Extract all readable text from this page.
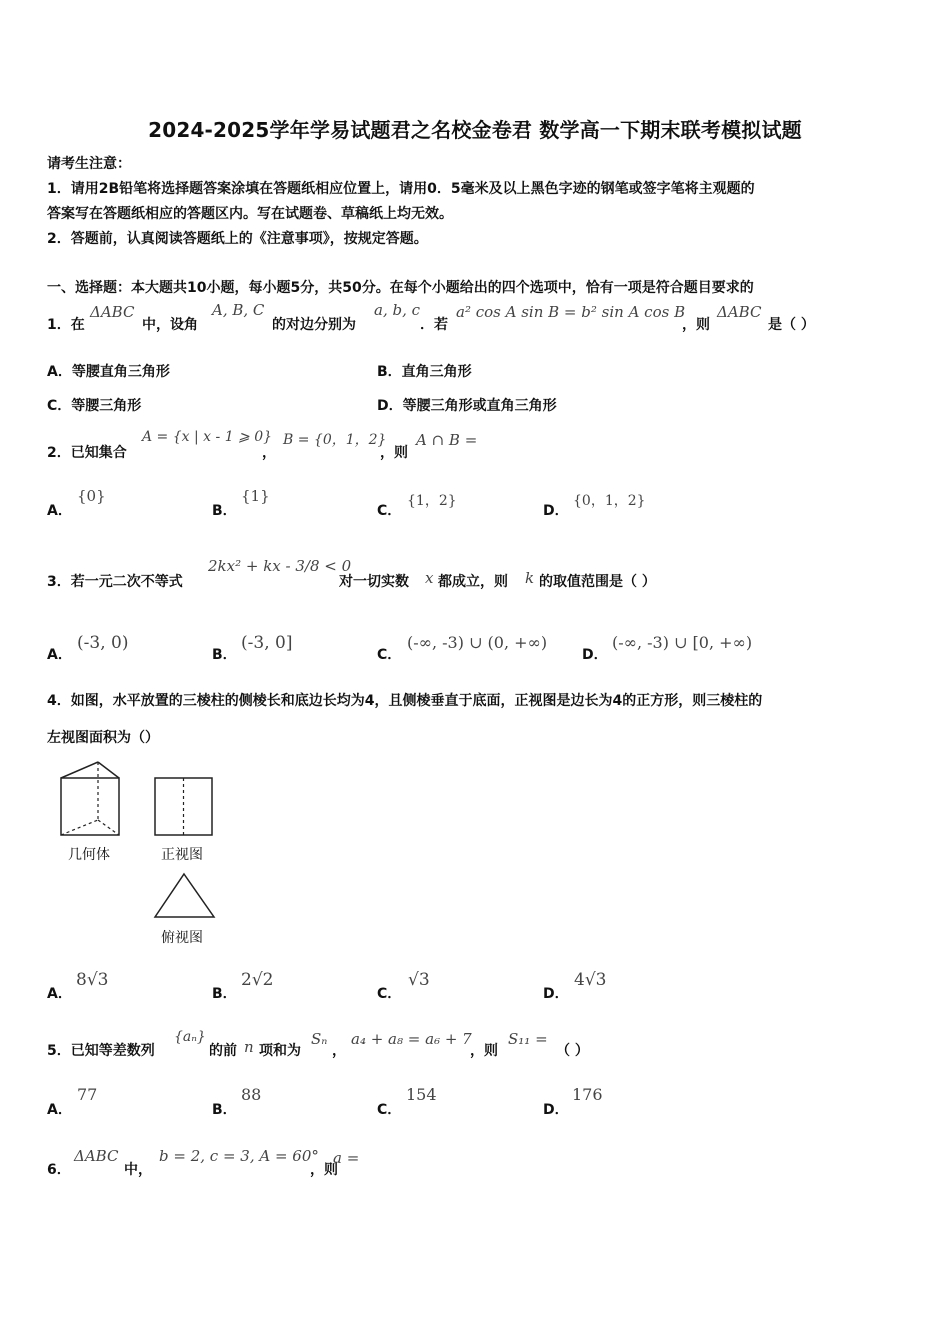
2024-2025学年学易试题君之名校金卷君 数学高一下期末联考模拟试题
请考生注意：
1．请用2B铅笔将选择题答案涂填在答题纸相应位置上，请用0．5毫米及以上黑色字迹的钢笔或签字笔将主观题的
答案写在答题纸相应的答题区内。写在试题卷、草稿纸上均无效。
2．答题前，认真阅读答题纸上的《注意事项》，按规定答题。
一、选择题：本大题共10小题，每小题5分，共50分。在每个小题给出的四个选项中，恰有一项是符合题目要求的
1．在
ΔABC
中，设角
A, B, C
的对边分别为
a, b, c
．若
a² cos A sin B = b² sin A cos B
，则
ΔABC
是（ ）
A．等腰直角三角形	B．直角三角形
C．等腰三角形	D．等腰三角形或直角三角形
2．已知集合
A = {x | x - 1 ⩾ 0}
，
B = {0，1，2}
，则
A ∩ B =
A．
{0}
B．
{1}
C．
{1，2}
D．
{0，1，2}
3．若一元二次不等式
2kx² + kx - 3/8 < 0
对一切实数 x 都成立，则 k 的取值范围是（ ）
A．
(-3, 0)
B．
(-3, 0]
C．
(-∞, -3) ∪ (0, +∞)
D．
(-∞, -3) ∪ [0, +∞)
4．如图，水平放置的三棱柱的侧棱长和底边长均为4，且侧棱垂直于底面，正视图是边长为4的正方形，则三棱柱的
左视图面积为（）
几何体	正视图
俯视图
A．
8√3
B．
2√2
C．
√3
D．
4√3
5．已知等差数列
{aₙ}
的前 n 项和为
Sₙ
，
a₄ + a₈ = a₆ + 7
，则
S₁₁ =
（ ）
A．
77
B．
88
C．
154
D．
176
6．
ΔABC
中，
b = 2, c = 3, A = 60°
，则
a =
